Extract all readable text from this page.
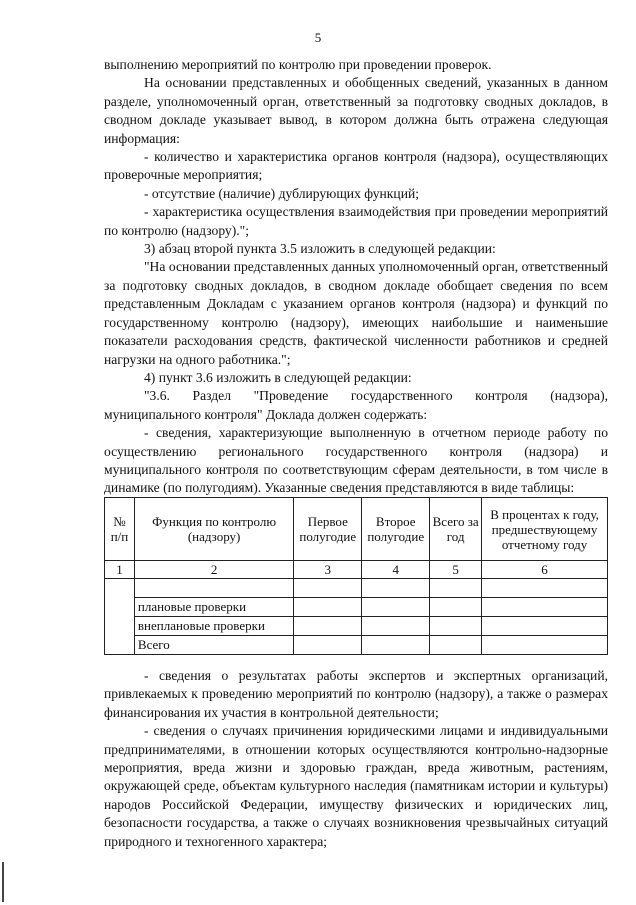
5

выполнению мероприятий по контролю при проведении проверок.

На основании представленных и обобщенных сведений, указанных в данном разделе, уполномоченный орган, ответственный за подготовку сводных докладов, в сводном докладе указывает вывод, в котором должна быть отражена следующая информация:

- количество и характеристика органов контроля (надзора), осуществляющих проверочные мероприятия;

- отсутствие (наличие) дублирующих функций;

- характеристика осуществления взаимодействия при проведении мероприятий по контролю (надзору).";

3) абзац второй пункта 3.5 изложить в следующей редакции:

"На основании представленных данных уполномоченный орган, ответственный за подготовку сводных докладов, в сводном докладе обобщает сведения по всем представленным Докладам с указанием органов контроля (надзора) и функций по государственному контролю (надзору), имеющих наибольшие и наименьшие показатели расходования средств, фактической численности работников и средней нагрузки на одного работника.";

4) пункт 3.6 изложить в следующей редакции:

"3.6. Раздел "Проведение государственного контроля (надзора), муниципального контроля" Доклада должен содержать:

- сведения, характеризующие выполненную в отчетном периоде работу по осуществлению регионального государственного контроля (надзора) и муниципального контроля по соответствующим сферам деятельности, в том числе в динамике (по полугодиям). Указанные сведения представляются в виде таблицы:

№ п/п	Функция по контролю (надзору)	Первое полугодие	Второе полугодие	Всего за год	В процентах к году, предшествующему отчетному году
1	2	3	4	5	6

	плановые проверки				
	внеплановые проверки				
	Всего				

- сведения о результатах работы экспертов и экспертных организаций, привлекаемых к проведению мероприятий по контролю (надзору), а также о размерах финансирования их участия в контрольной деятельности;

- сведения о случаях причинения юридическими лицами и индивидуальными предпринимателями, в отношении которых осуществляются контрольно-надзорные мероприятия, вреда жизни и здоровью граждан, вреда животным, растениям, окружающей среде, объектам культурного наследия (памятникам истории и культуры) народов Российской Федерации, имуществу физических и юридических лиц, безопасности государства, а также о случаях возникновения чрезвычайных ситуаций природного и техногенного характера;
